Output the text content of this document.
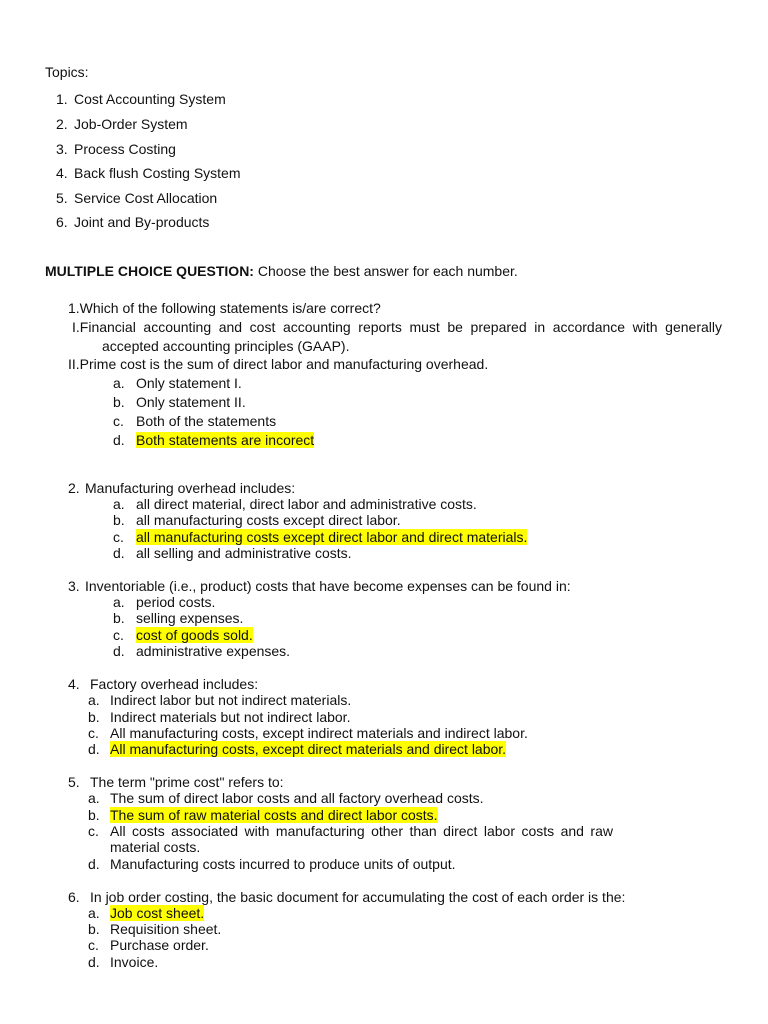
Topics:
1. Cost Accounting System
2. Job-Order System
3. Process Costing
4. Back flush Costing System
5. Service Cost Allocation
6. Joint and By-products
MULTIPLE CHOICE QUESTION: Choose the best answer for each number.
1.Which of the following statements is/are correct?
I.Financial accounting and cost accounting reports must be prepared in accordance with generally
accepted accounting principles (GAAP).
II.Prime cost is the sum of direct labor and manufacturing overhead.
a. Only statement I.
b. Only statement II.
c. Both of the statements
d. Both statements are incorect
2. Manufacturing overhead includes:
a. all direct material, direct labor and administrative costs.
b. all manufacturing costs except direct labor.
c. all manufacturing costs except direct labor and direct materials.
d. all selling and administrative costs.
3. Inventoriable (i.e., product) costs that have become expenses can be found in:
a. period costs.
b. selling expenses.
c. cost of goods sold.
d. administrative expenses.
4. Factory overhead includes:
a. Indirect labor but not indirect materials.
b. Indirect materials but not indirect labor.
c. All manufacturing costs, except indirect materials and indirect labor.
d. All manufacturing costs, except direct materials and direct labor.
5. The term "prime cost" refers to:
a. The sum of direct labor costs and all factory overhead costs.
b. The sum of raw material costs and direct labor costs.
c. All costs associated with manufacturing other than direct labor costs and raw
material costs.
d. Manufacturing costs incurred to produce units of output.
6. In job order costing, the basic document for accumulating the cost of each order is the:
a. Job cost sheet.
b. Requisition sheet.
c. Purchase order.
d. Invoice.
